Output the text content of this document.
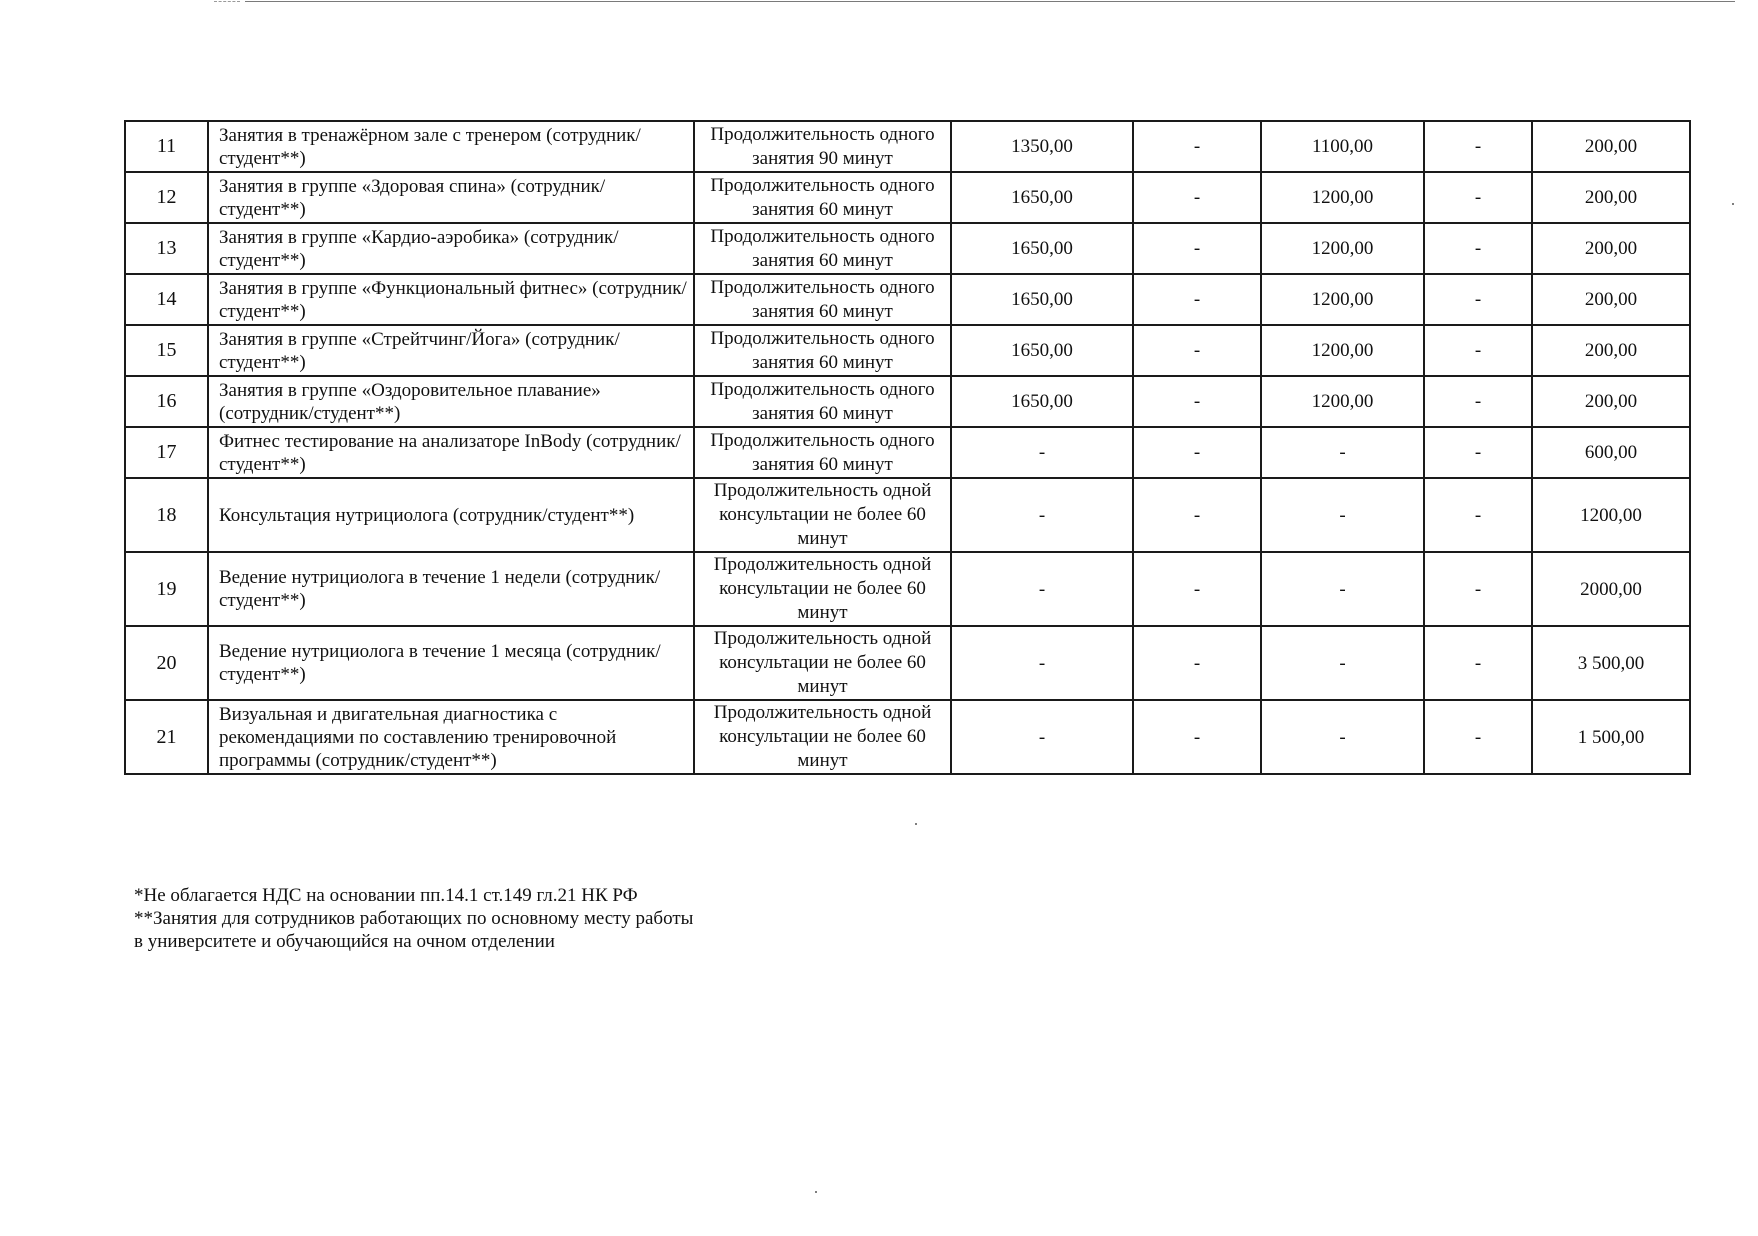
11	Занятия в тренажёрном зале с тренером (сотрудник/студент**)	Продолжительность одного занятия 90 минут	1350,00	-	1100,00	-	200,00
12	Занятия в группе «Здоровая спина» (сотрудник/студент**)	Продолжительность одного занятия 60 минут	1650,00	-	1200,00	-	200,00
13	Занятия в группе «Кардио-аэробика» (сотрудник/студент**)	Продолжительность одного занятия 60 минут	1650,00	-	1200,00	-	200,00
14	Занятия в группе «Функциональный фитнес» (сотрудник/студент**)	Продолжительность одного занятия 60 минут	1650,00	-	1200,00	-	200,00
15	Занятия в группе «Стрейтчинг/Йога» (сотрудник/студент**)	Продолжительность одного занятия 60 минут	1650,00	-	1200,00	-	200,00
16	Занятия в группе «Оздоровительное плавание» (сотрудник/студент**)	Продолжительность одного занятия 60 минут	1650,00	-	1200,00	-	200,00
17	Фитнес тестирование на анализаторе InBody (сотрудник/студент**)	Продолжительность одного занятия 60 минут	-	-	-	-	600,00
18	Консультация нутрициолога (сотрудник/студент**)	Продолжительность одной консультации не более 60 минут	-	-	-	-	1200,00
19	Ведение нутрициолога в течение 1 недели (сотрудник/студент**)	Продолжительность одной консультации не более 60 минут	-	-	-	-	2000,00
20	Ведение нутрициолога в течение 1 месяца (сотрудник/студент**)	Продолжительность одной консультации не более 60 минут	-	-	-	-	3 500,00
21	Визуальная и двигательная диагностика с рекомендациями по составлению тренировочной программы (сотрудник/студент**)	Продолжительность одной консультации не более 60 минут	-	-	-	-	1 500,00

*Не облагается НДС на основании пп.14.1 ст.149 гл.21 НК РФ

**Занятия для сотрудников работающих по основному месту работы в университете и обучающийся на очном отделении
